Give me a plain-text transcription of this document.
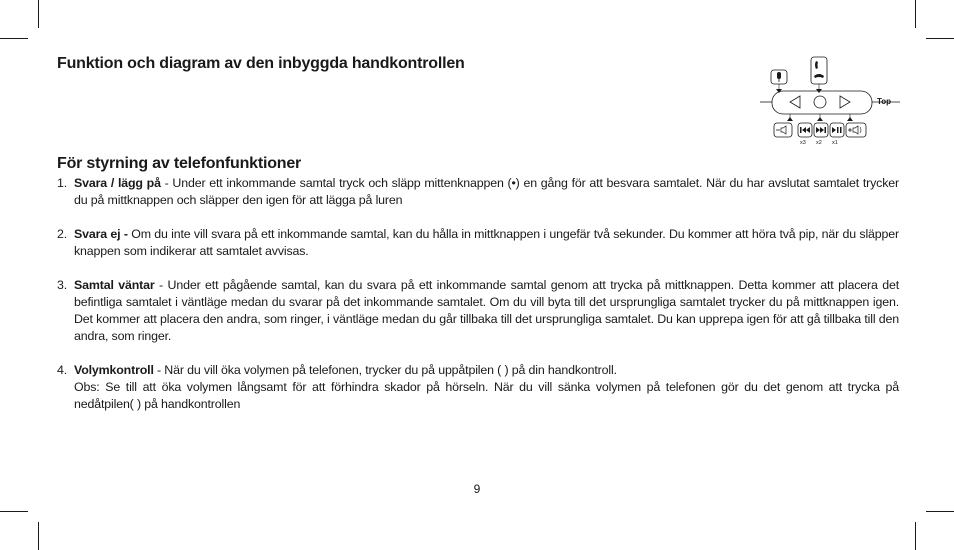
Funktion och diagram av den inbyggda handkontrollen
x3 x2 x1
Top
För styrning av telefonfunktioner
1. Svara / lägg på - Under ett inkommande samtal tryck och släpp mittenknappen (•) en gång för att besvara samtalet. När du har avslutat samtalet trycker du på mittknappen och släpper den igen för att lägga på luren
2. Svara ej - Om du inte vill svara på ett inkommande samtal, kan du hålla in mittknappen i ungefär två sekunder. Du kommer att höra två pip, när du släpper knappen som indikerar att samtalet avvisas.
3. Samtal väntar - Under ett pågående samtal, kan du svara på ett inkommande samtal genom att trycka på mittknappen. Detta kommer att placera det befintliga samtalet i väntläge medan du svarar på det inkommande samtalet. Om du vill byta till det ursprungliga samtalet trycker du på mittknappen igen. Det kommer att placera den andra, som ringer, i väntläge medan du går tillbaka till det ursprungliga samtalet. Du kan upprepa igen för att gå tillbaka till den andra, som ringer.
4. Volymkontroll - När du vill öka volymen på telefonen, trycker du på uppåtpilen ( ) på din handkontroll.
Obs: Se till att öka volymen långsamt för att förhindra skador på hörseln. När du vill sänka volymen på telefonen gör du det genom att trycka på nedåtpilen( ) på handkontrollen
9
